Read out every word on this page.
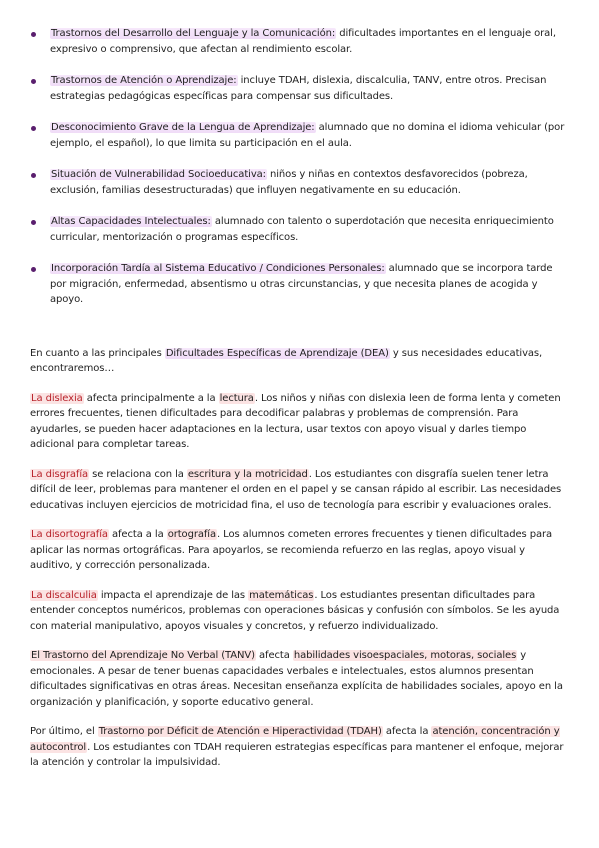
Trastornos del Desarrollo del Lenguaje y la Comunicación: dificultades importantes en el lenguaje oral, expresivo o comprensivo, que afectan al rendimiento escolar.
Trastornos de Atención o Aprendizaje: incluye TDAH, dislexia, discalculia, TANV, entre otros. Precisan estrategias pedagógicas específicas para compensar sus dificultades.
Desconocimiento Grave de la Lengua de Aprendizaje: alumnado que no domina el idioma vehicular (por ejemplo, el español), lo que limita su participación en el aula.
Situación de Vulnerabilidad Socioeducativa: niños y niñas en contextos desfavorecidos (pobreza, exclusión, familias desestructuradas) que influyen negativamente en su educación.
Altas Capacidades Intelectuales: alumnado con talento o superdotación que necesita enriquecimiento curricular, mentorización o programas específicos.
Incorporación Tardía al Sistema Educativo / Condiciones Personales: alumnado que se incorpora tarde por migración, enfermedad, absentismo u otras circunstancias, y que necesita planes de acogida y apoyo.

En cuanto a las principales Dificultades Específicas de Aprendizaje (DEA) y sus necesidades educativas, encontraremos…

La dislexia afecta principalmente a la lectura. Los niños y niñas con dislexia leen de forma lenta y cometen errores frecuentes, tienen dificultades para decodificar palabras y problemas de comprensión. Para ayudarles, se pueden hacer adaptaciones en la lectura, usar textos con apoyo visual y darles tiempo adicional para completar tareas.

La disgrafía se relaciona con la escritura y la motricidad. Los estudiantes con disgrafía suelen tener letra difícil de leer, problemas para mantener el orden en el papel y se cansan rápido al escribir. Las necesidades educativas incluyen ejercicios de motricidad fina, el uso de tecnología para escribir y evaluaciones orales.

La disortografía afecta a la ortografía. Los alumnos cometen errores frecuentes y tienen dificultades para aplicar las normas ortográficas. Para apoyarlos, se recomienda refuerzo en las reglas, apoyo visual y auditivo, y corrección personalizada.

La discalculia impacta el aprendizaje de las matemáticas. Los estudiantes presentan dificultades para entender conceptos numéricos, problemas con operaciones básicas y confusión con símbolos. Se les ayuda con material manipulativo, apoyos visuales y concretos, y refuerzo individualizado.

El Trastorno del Aprendizaje No Verbal (TANV) afecta habilidades visoespaciales, motoras, sociales y emocionales. A pesar de tener buenas capacidades verbales e intelectuales, estos alumnos presentan dificultades significativas en otras áreas. Necesitan enseñanza explícita de habilidades sociales, apoyo en la organización y planificación, y soporte educativo general.

Por último, el Trastorno por Déficit de Atención e Hiperactividad (TDAH) afecta la atención, concentración y autocontrol. Los estudiantes con TDAH requieren estrategias específicas para mantener el enfoque, mejorar la atención y controlar la impulsividad.
